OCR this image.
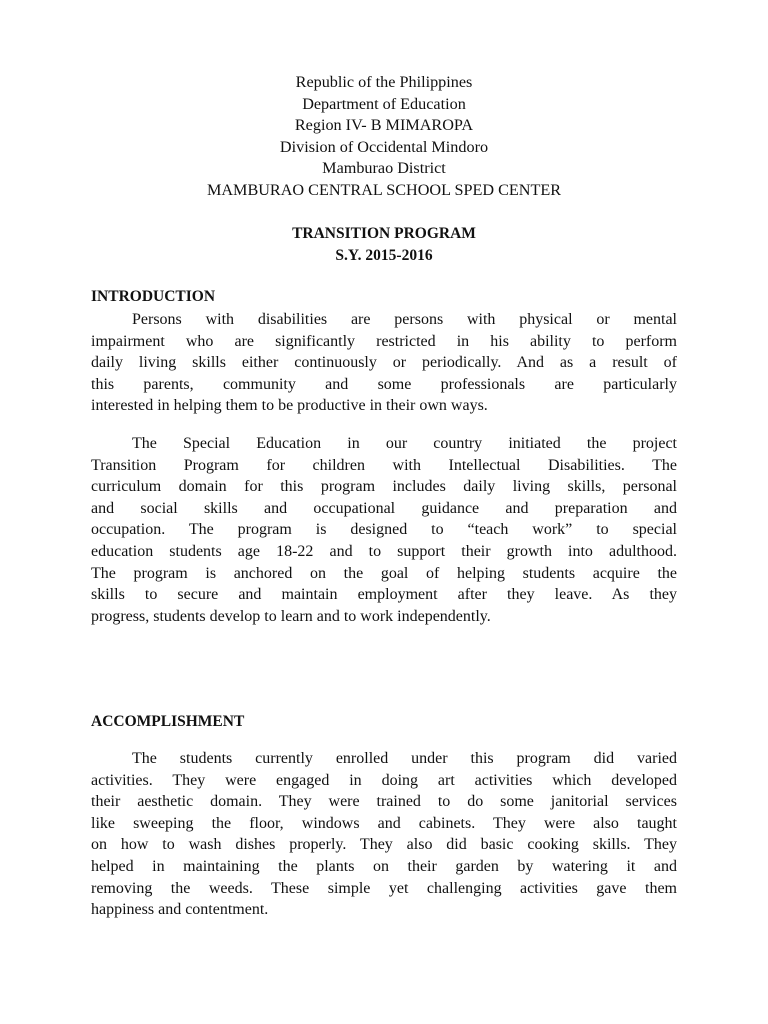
Republic of the Philippines
Department of Education
Region IV- B MIMAROPA
Division of Occidental Mindoro
Mamburao District
MAMBURAO CENTRAL SCHOOL SPED CENTER
TRANSITION PROGRAM
S.Y. 2015-2016
INTRODUCTION

Persons with disabilities are persons with physical or mental
impairment who are significantly restricted in his ability to perform
daily living skills either continuously or periodically. And as a result of
this parents, community and some professionals are particularly
interested in helping them to be productive in their own ways.

The Special Education in our country initiated the project
Transition Program for children with Intellectual Disabilities. The
curriculum domain for this program includes daily living skills, personal
and social skills and occupational guidance and preparation and
occupation. The program is designed to “teach work” to special
education students age 18-22 and to support their growth into adulthood.
The program is anchored on the goal of helping students acquire the
skills to secure and maintain employment after they leave. As they
progress, students develop to learn and to work independently.

ACCOMPLISHMENT

The students currently enrolled under this program did varied
activities. They were engaged in doing art activities which developed
their aesthetic domain. They were trained to do some janitorial services
like sweeping the floor, windows and cabinets. They were also taught
on how to wash dishes properly. They also did basic cooking skills. They
helped in maintaining the plants on their garden by watering it and
removing the weeds. These simple yet challenging activities gave them
happiness and contentment.
